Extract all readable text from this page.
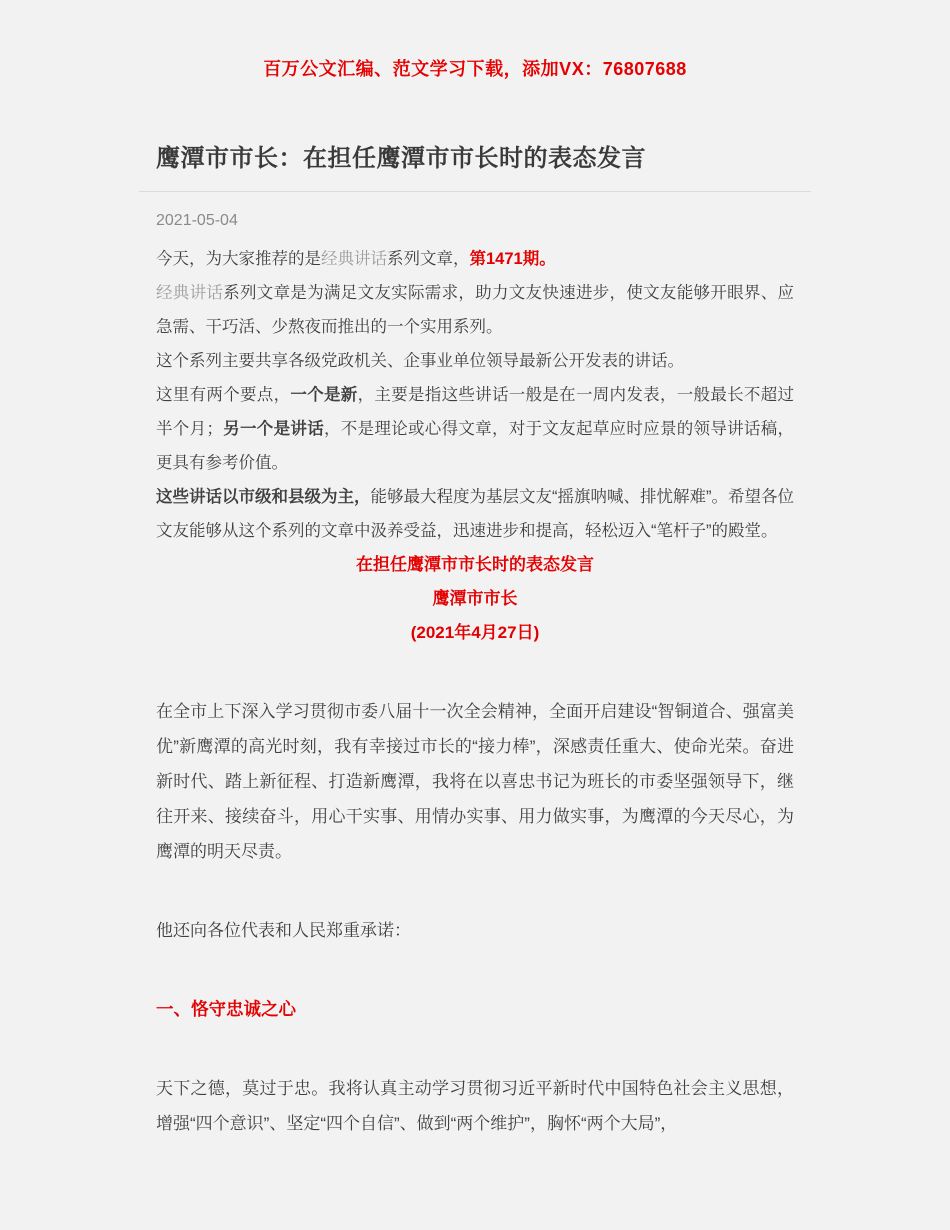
百万公文汇编、范文学习下载，添加VX：76807688
鹰潭市市长：在担任鹰潭市市长时的表态发言
2021-05-04

今天，为大家推荐的是经典讲话系列文章，第1471期。

经典讲话系列文章是为满足文友实际需求，助力文友快速进步，使文友能够开眼界、应急需、干巧活、少熬夜而推出的一个实用系列。

这个系列主要共享各级党政机关、企事业单位领导最新公开发表的讲话。

这里有两个要点，一个是新，主要是指这些讲话一般是在一周内发表，一般最长不超过半个月；另一个是讲话，不是理论或心得文章，对于文友起草应时应景的领导讲话稿，更具有参考价值。

这些讲话以市级和县级为主，能够最大程度为基层文友“摇旗呐喊、排忧解难”。希望各位文友能够从这个系列的文章中汲养受益，迅速进步和提高，轻松迈入“笔杆子”的殿堂。

在担任鹰潭市市长时的表态发言

鹰潭市市长

(2021年4月27日)

在全市上下深入学习贯彻市委八届十一次全会精神，全面开启建设“智铜道合、强富美优”新鹰潭的高光时刻，我有幸接过市长的“接力棒”，深感责任重大、使命光荣。奋进新时代、踏上新征程、打造新鹰潭，我将在以喜忠书记为班长的市委坚强领导下，继往开来、接续奋斗，用心干实事、用情办实事、用力做实事，为鹰潭的今天尽心，为鹰潭的明天尽责。

他还向各位代表和人民郑重承诺：

一、恪守忠诚之心

天下之德，莫过于忠。我将认真主动学习贯彻习近平新时代中国特色社会主义思想，增强“四个意识”、坚定“四个自信”、做到“两个维护”，胸怀“两个大局”，
